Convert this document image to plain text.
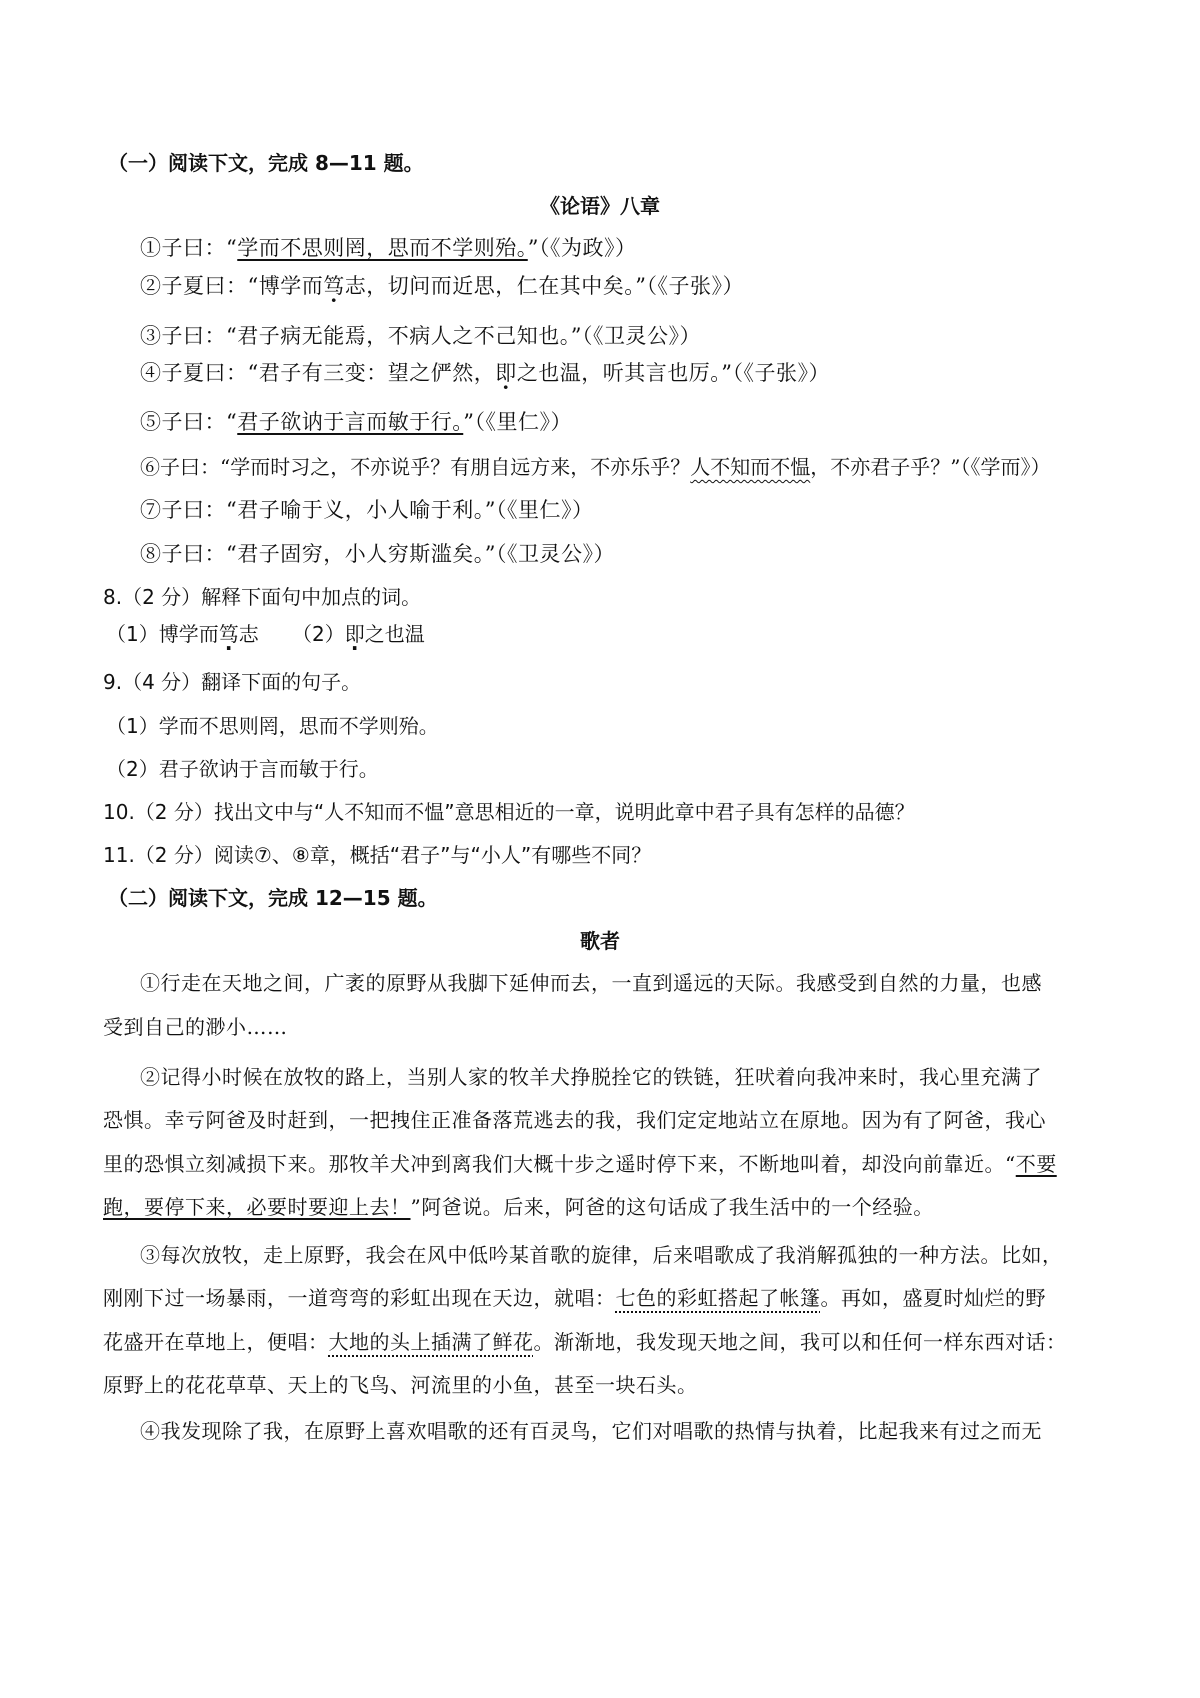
（一）阅读下文，完成 8—11 题。
《论语》八章
①子曰：“学而不思则罔，思而不学则殆。”（《为政》）
②子夏曰：“博学而笃志，切问而近思，仁在其中矣。”（《子张》）
③子曰：“君子病无能焉，不病人之不己知也。”（《卫灵公》）
④子夏曰：“君子有三变：望之俨然，即之也温，听其言也厉。”（《子张》）
⑤子曰：“君子欲讷于言而敏于行。”（《里仁》）
⑥子曰：“学而时习之，不亦说乎？有朋自远方来，不亦乐乎？人不知而不愠，不亦君子乎？”（《学而》）
⑦子曰：“君子喻于义，小人喻于利。”（《里仁》）
⑧子曰：“君子固穷，小人穷斯滥矣。”（《卫灵公》）
8.（2 分）解释下面句中加点的词。
（1）博学而笃志 （2）即之也温
9.（4 分）翻译下面的句子。
（1）学而不思则罔，思而不学则殆。
（2）君子欲讷于言而敏于行。
10.（2 分）找出文中与“人不知而不愠”意思相近的一章，说明此章中君子具有怎样的品德？
11.（2 分）阅读⑦、⑧章，概括“君子”与“小人”有哪些不同？
（二）阅读下文，完成 12—15 题。
歌者
①行走在天地之间，广袤的原野从我脚下延伸而去，一直到遥远的天际。我感受到自然的力量，也感
受到自己的渺小……
②记得小时候在放牧的路上，当别人家的牧羊犬挣脱拴它的铁链，狂吠着向我冲来时，我心里充满了
恐惧。幸亏阿爸及时赶到，一把拽住正准备落荒逃去的我，我们定定地站立在原地。因为有了阿爸，我心
里的恐惧立刻减损下来。那牧羊犬冲到离我们大概十步之遥时停下来，不断地叫着，却没向前靠近。“不要
跑，要停下来，必要时要迎上去！”阿爸说。后来，阿爸的这句话成了我生活中的一个经验。
③每次放牧，走上原野，我会在风中低吟某首歌的旋律，后来唱歌成了我消解孤独的一种方法。比如，
刚刚下过一场暴雨，一道弯弯的彩虹出现在天边，就唱：七色的彩虹搭起了帐篷。再如，盛夏时灿烂的野
花盛开在草地上，便唱：大地的头上插满了鲜花。渐渐地，我发现天地之间，我可以和任何一样东西对话：
原野上的花花草草、天上的飞鸟、河流里的小鱼，甚至一块石头。
④我发现除了我，在原野上喜欢唱歌的还有百灵鸟，它们对唱歌的热情与执着，比起我来有过之而无
